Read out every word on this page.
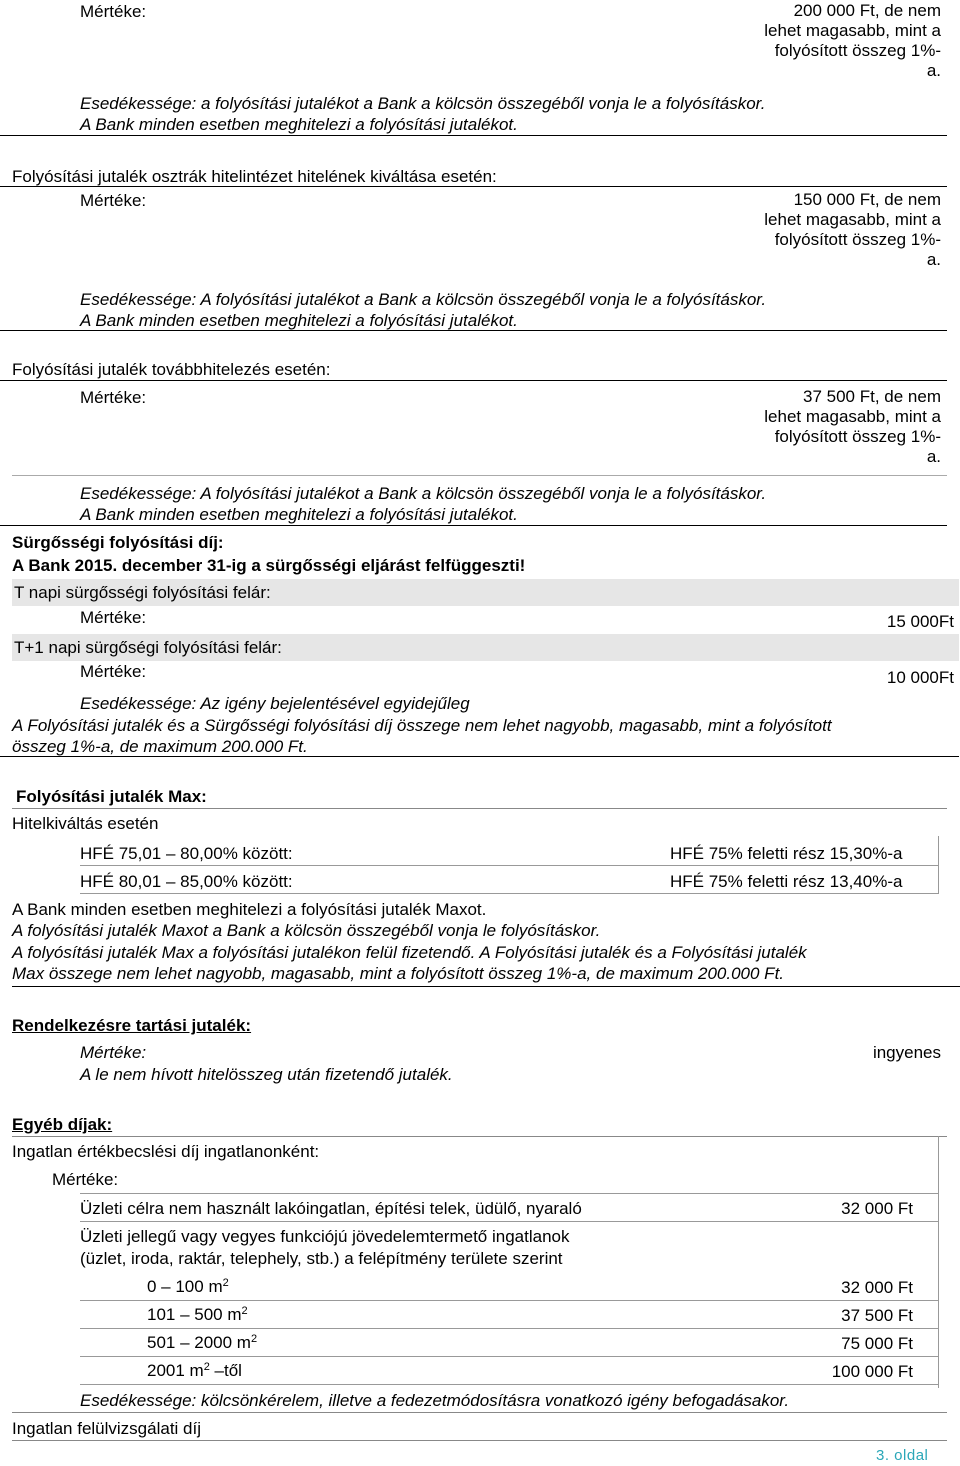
Mértéke:	200 000 Ft, de nem
lehet magasabb, mint a
folyósított összeg 1%-
a.
Esedékessége: a folyósítási jutalékot a Bank a kölcsön összegéből vonja le a folyósításkor.
A Bank minden esetben meghitelezi a folyósítási jutalékot.
Folyósítási jutalék osztrák hitelintézet hitelének kiváltása esetén:
Mértéke:	150 000 Ft, de nem
lehet magasabb, mint a
folyósított összeg 1%-
a.
Esedékessége: A folyósítási jutalékot a Bank a kölcsön összegéből vonja le a folyósításkor.
A Bank minden esetben meghitelezi a folyósítási jutalékot.
Folyósítási jutalék továbbhitelezés esetén:
Mértéke:	37 500 Ft, de nem
lehet magasabb, mint a
folyósított összeg 1%-
a.
Esedékessége: A folyósítási jutalékot a Bank a kölcsön összegéből vonja le a folyósításkor.
A Bank minden esetben meghitelezi a folyósítási jutalékot.
Sürgősségi folyósítási díj:
A Bank 2015. december 31-ig a sürgősségi eljárást felfüggeszti!
T napi sürgősségi folyósítási felár:
Mértéke:	15 000Ft
T+1 napi sürgőségi folyósítási felár:
Mértéke:	10 000Ft
Esedékessége: Az igény bejelentésével egyidejűleg
A Folyósítási jutalék és a Sürgősségi folyósítási díj összege nem lehet nagyobb, magasabb, mint a folyósított
összeg 1%-a, de maximum 200.000 Ft.
Folyósítási jutalék Max:
Hitelkiváltás esetén
HFÉ 75,01 – 80,00% között:	HFÉ 75% feletti rész 15,30%-a
HFÉ 80,01 – 85,00% között:	HFÉ 75% feletti rész 13,40%-a
A Bank minden esetben meghitelezi a folyósítási jutalék Maxot.
A folyósítási jutalék Maxot a Bank a kölcsön összegéből vonja le folyósításkor.
A folyósítási jutalék Max a folyósítási jutalékon felül fizetendő. A Folyósítási jutalék és a Folyósítási jutalék
Max összege nem lehet nagyobb, magasabb, mint a folyósított összeg 1%-a, de maximum 200.000 Ft.
Rendelkezésre tartási jutalék:
Mértéke:	ingyenes
A le nem hívott hitelösszeg után fizetendő jutalék.
Egyéb díjak:
Ingatlan értékbecslési díj ingatlanonként:
Mértéke:
Üzleti célra nem használt lakóingatlan, építési telek, üdülő, nyaraló	32 000 Ft
Üzleti jellegű vagy vegyes funkciójú jövedelemtermető ingatlanok
(üzlet, iroda, raktár, telephely, stb.) a felépítmény területe szerint
0 – 100 $m^2$	32 000 Ft
101 – 500 $m^2$	37 500 Ft
501 – 2000 $m^2$	75 000 Ft
2001 $m^2$ –től	100 000 Ft
Esedékessége: kölcsönkérelem, illetve a fedezetmódosításra vonatkozó igény befogadásakor.
Ingatlan felülvizsgálati díj
3. oldal
